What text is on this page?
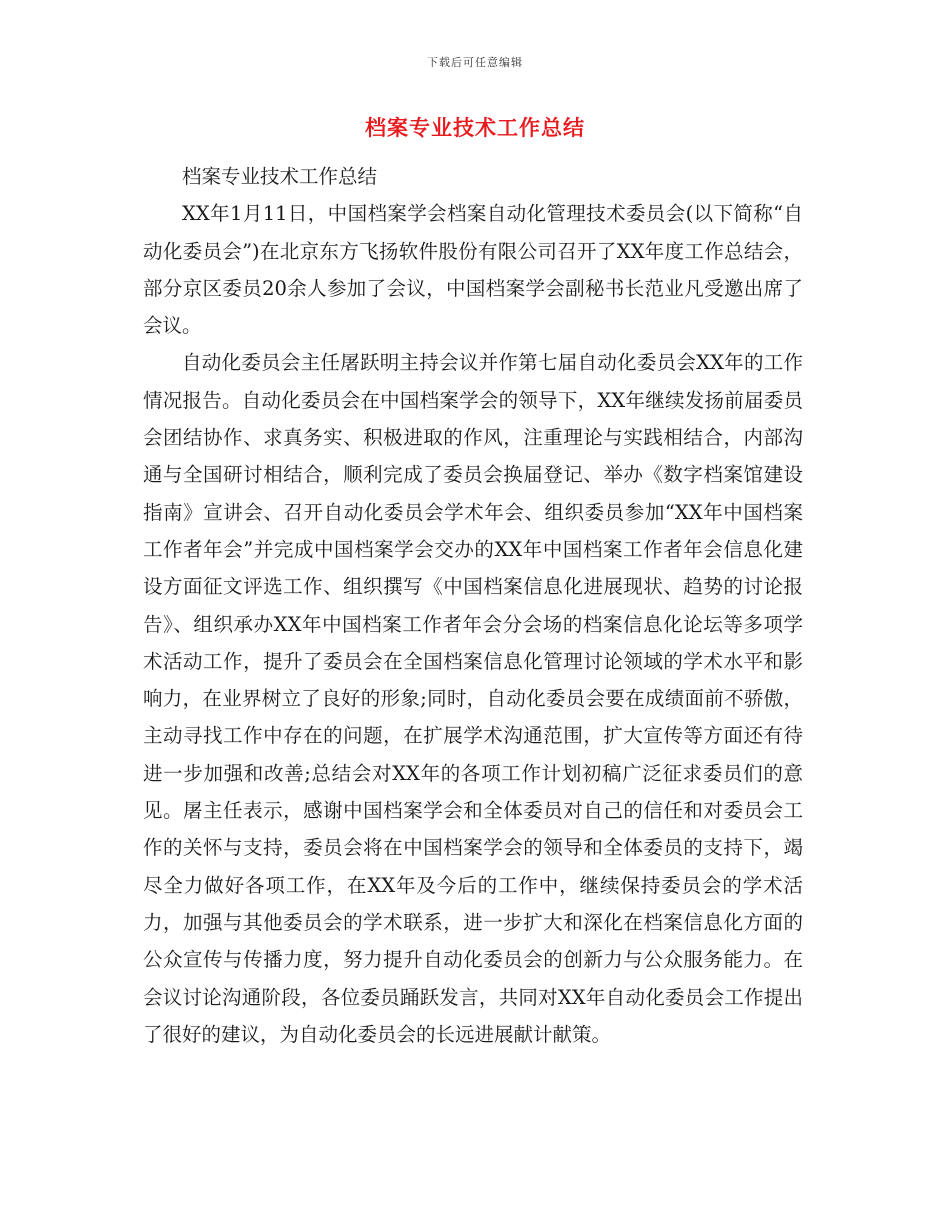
下载后可任意编辑
档案专业技术工作总结

档案专业技术工作总结

XX年1月11日，中国档案学会档案自动化管理技术委员会(以下简称“自动化委员会”)在北京东方飞扬软件股份有限公司召开了XX年度工作总结会，部分京区委员20余人参加了会议，中国档案学会副秘书长范业凡受邀出席了会议。

自动化委员会主任屠跃明主持会议并作第七届自动化委员会XX年的工作情况报告。自动化委员会在中国档案学会的领导下，XX年继续发扬前届委员会团结协作、求真务实、积极进取的作风，注重理论与实践相结合，内部沟通与全国研讨相结合，顺利完成了委员会换届登记、举办《数字档案馆建设指南》宣讲会、召开自动化委员会学术年会、组织委员参加“XX年中国档案工作者年会”并完成中国档案学会交办的XX年中国档案工作者年会信息化建设方面征文评选工作、组织撰写《中国档案信息化进展现状、趋势的讨论报告》、组织承办XX年中国档案工作者年会分会场的档案信息化论坛等多项学术活动工作，提升了委员会在全国档案信息化管理讨论领域的学术水平和影响力，在业界树立了良好的形象;同时，自动化委员会要在成绩面前不骄傲，主动寻找工作中存在的问题，在扩展学术沟通范围，扩大宣传等方面还有待进一步加强和改善;总结会对XX年的各项工作计划初稿广泛征求委员们的意见。屠主任表示，感谢中国档案学会和全体委员对自己的信任和对委员会工作的关怀与支持，委员会将在中国档案学会的领导和全体委员的支持下，竭尽全力做好各项工作，在XX年及今后的工作中，继续保持委员会的学术活力，加强与其他委员会的学术联系，进一步扩大和深化在档案信息化方面的公众宣传与传播力度，努力提升自动化委员会的创新力与公众服务能力。在会议讨论沟通阶段，各位委员踊跃发言，共同对XX年自动化委员会工作提出了很好的建议，为自动化委员会的长远进展献计献策。
